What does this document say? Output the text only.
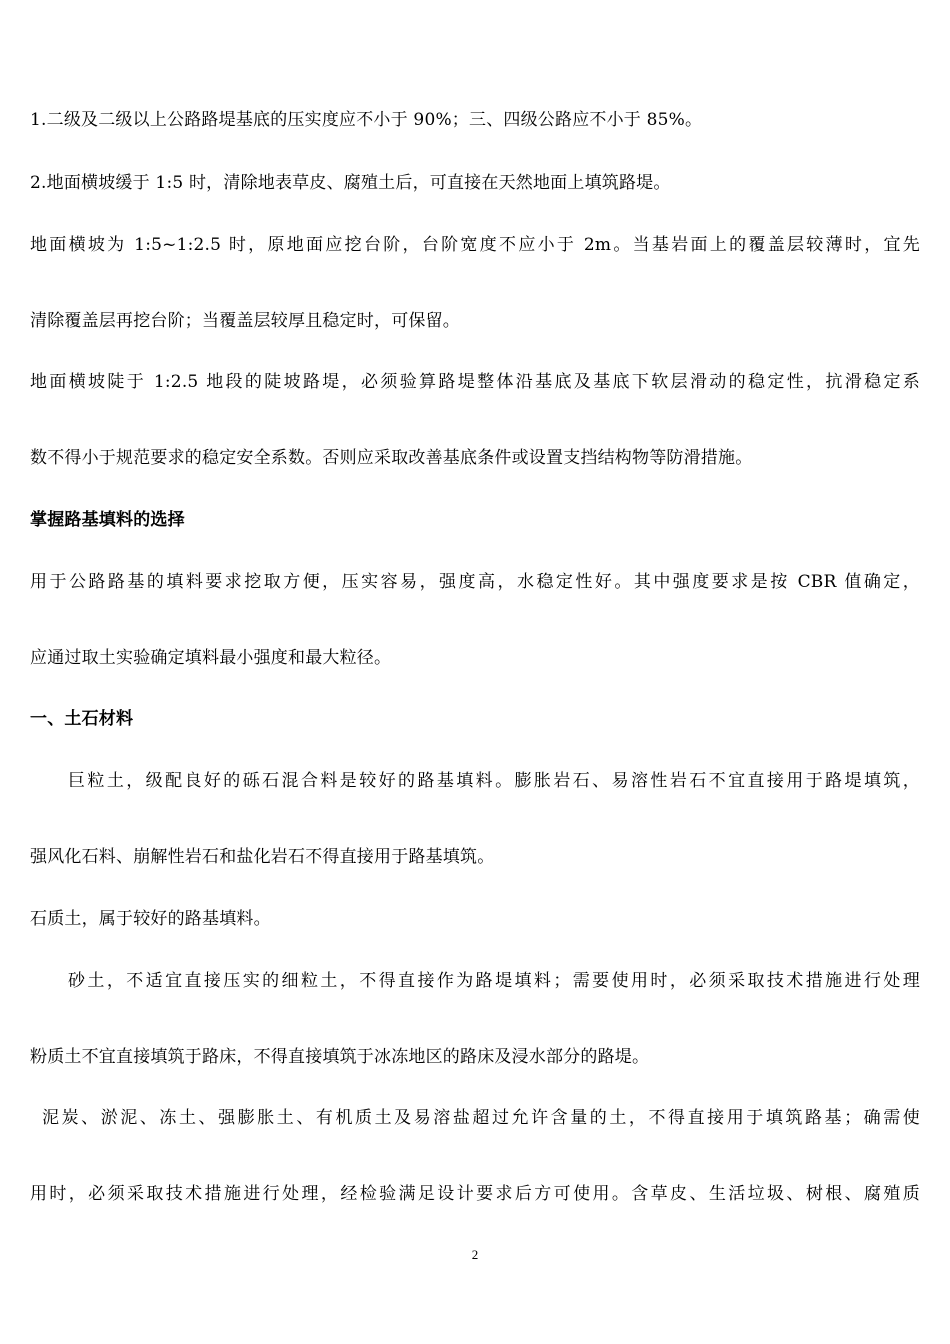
1.二级及二级以上公路路堤基底的压实度应不小于 90%；三、四级公路应不小于 85%。
2.地面横坡缓于 1:5 时，清除地表草皮、腐殖土后，可直接在天然地面上填筑路堤。
地面横坡为 1:5~1:2.5 时，原地面应挖台阶，台阶宽度不应小于 2m。当基岩面上的覆盖层较薄时，宜先
清除覆盖层再挖台阶；当覆盖层较厚且稳定时，可保留。
地面横坡陡于 1:2.5 地段的陡坡路堤，必须验算路堤整体沿基底及基底下软层滑动的稳定性，抗滑稳定系
数不得小于规范要求的稳定安全系数。否则应采取改善基底条件或设置支挡结构物等防滑措施。
掌握路基填料的选择
用于公路路基的填料要求挖取方便，压实容易，强度高，水稳定性好。其中强度要求是按 CBR 值确定，
应通过取土实验确定填料最小强度和最大粒径。
一、土石材料
巨粒土，级配良好的砾石混合料是较好的路基填料。膨胀岩石、易溶性岩石不宜直接用于路堤填筑，
强风化石料、崩解性岩石和盐化岩石不得直接用于路基填筑。
石质土，属于较好的路基填料。
砂土，不适宜直接压实的细粒土，不得直接作为路堤填料；需要使用时，必须采取技术措施进行处理
粉质土不宜直接填筑于路床，不得直接填筑于冰冻地区的路床及浸水部分的路堤。
泥炭、淤泥、冻土、强膨胀土、有机质土及易溶盐超过允许含量的土，不得直接用于填筑路基；确需使
用时，必须采取技术措施进行处理，经检验满足设计要求后方可使用。含草皮、生活垃圾、树根、腐殖质
2
